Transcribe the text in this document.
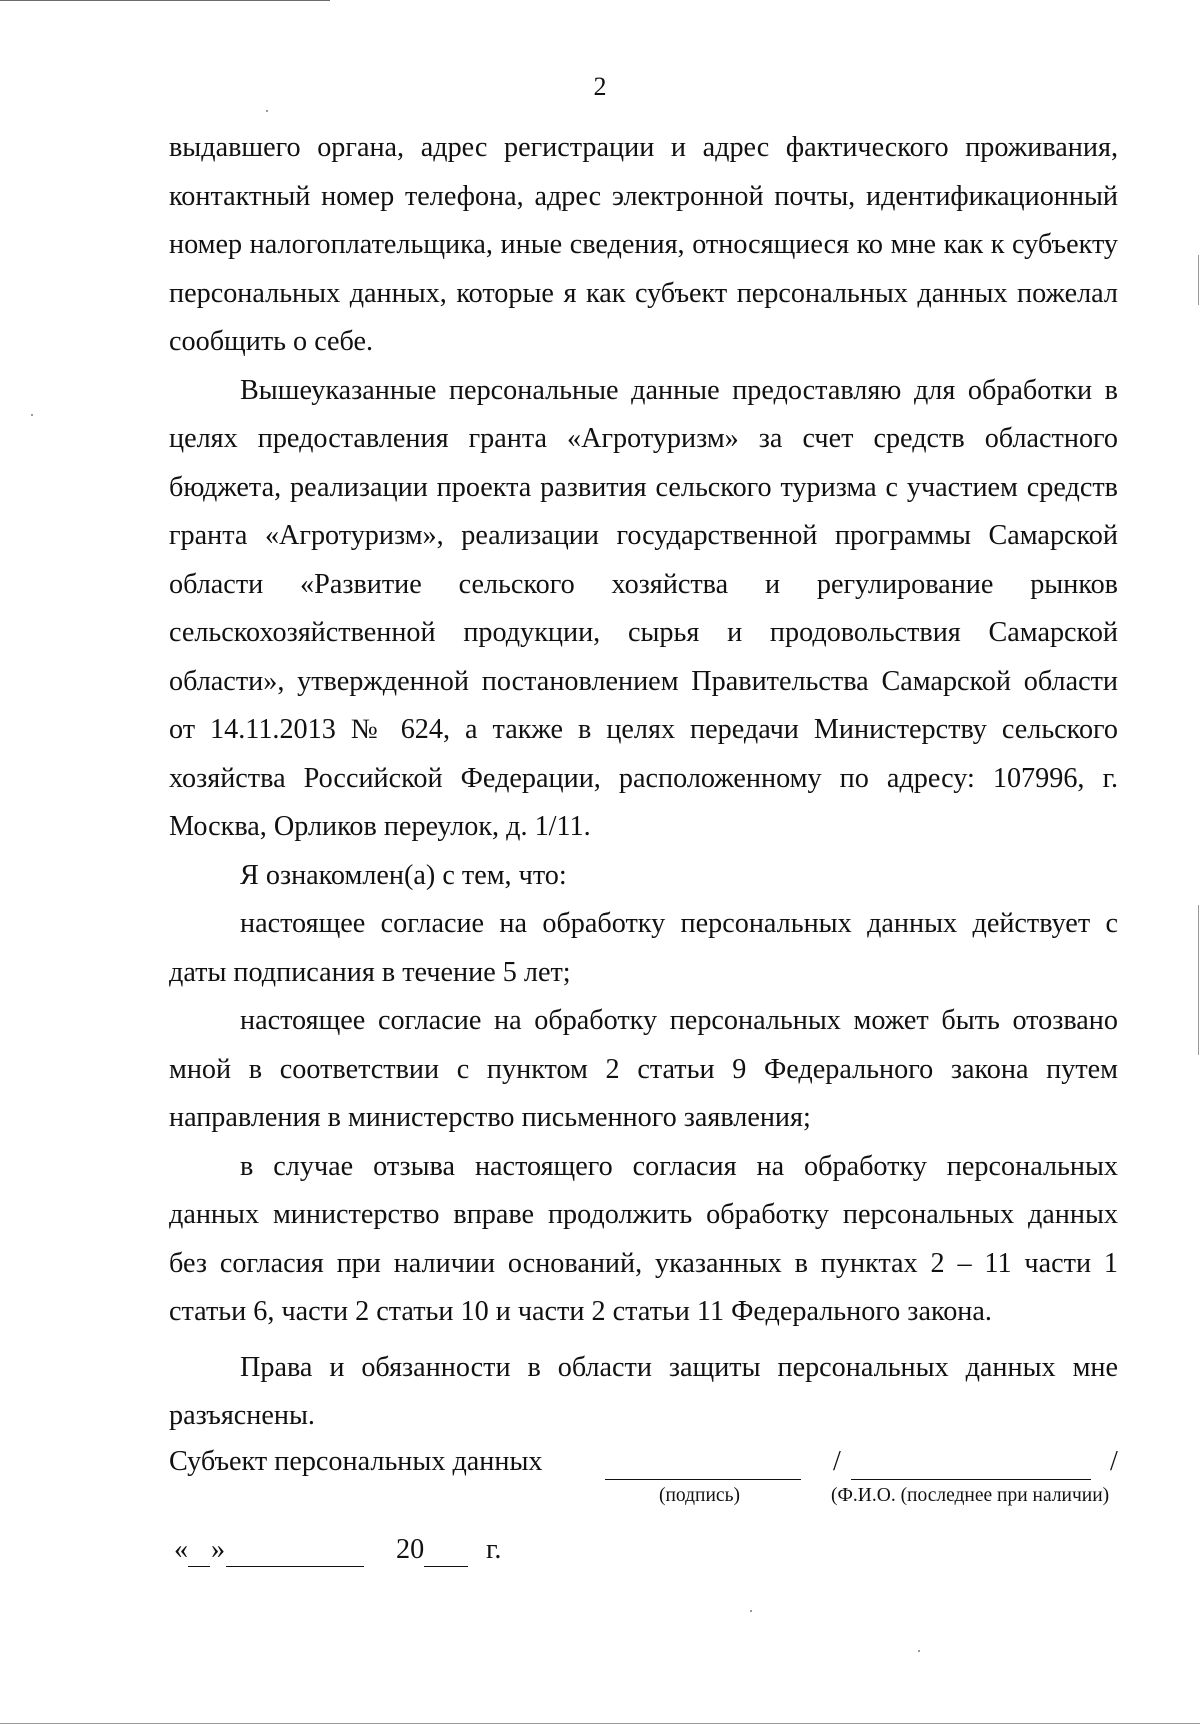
2

выдавшего органа, адрес регистрации и адрес фактического проживания, контактный номер телефона, адрес электронной почты, идентификационный номер налогоплательщика, иные сведения, относящиеся ко мне как к субъекту персональных данных, которые я как субъект персональных данных пожелал сообщить о себе.

Вышеуказанные персональные данные предоставляю для обработки в целях предоставления гранта «Агротуризм» за счет средств областного бюджета, реализации проекта развития сельского туризма с участием средств гранта «Агротуризм», реализации государственной программы Самарской области «Развитие сельского хозяйства и регулирование рынков сельскохозяйственной продукции, сырья и продовольствия Самарской области», утвержденной постановлением Правительства Самарской области от 14.11.2013 № 624, а также в целях передачи Министерству сельского хозяйства Российской Федерации, расположенному по адресу: 107996, г. Москва, Орликов переулок, д. 1/11.

Я ознакомлен(а) с тем, что:

настоящее согласие на обработку персональных данных действует с даты подписания в течение 5 лет;

настоящее согласие на обработку персональных может быть отозвано мной в соответствии с пунктом 2 статьи 9 Федерального закона путем направления в министерство письменного заявления;

в случае отзыва настоящего согласия на обработку персональных данных министерство вправе продолжить обработку персональных данных без согласия при наличии оснований, указанных в пунктах 2 – 11 части 1 статьи 6, части 2 статьи 10 и части 2 статьи 11 Федерального закона.

Права и обязанности в области защиты персональных данных мне разъяснены.

Субъект персональных данных	/	/
(подпись)	(Ф.И.О. (последнее при наличии)
« »	20 г.
